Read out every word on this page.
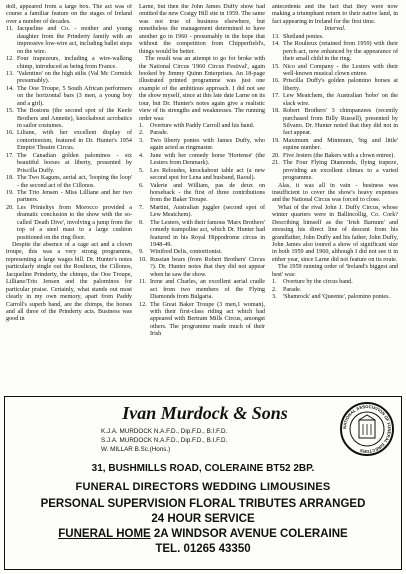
doll, appeared from a large box. The act was of course a familiar feature on the stages of Ireland over a number of decades.

11. Jacqueline and Co. - mother and young daughter from the Prinderty family with an impressive low-wire act, including ballet steps on the wire.
12. Four trapezeurs, including a wire-walking chimp, introduced as being from France.
13. 'Valentino' on the high stilts (Val Mc Cormick presumably).
14. The Ooe Troupe, 5 South African performers on the horizontal bars (3 men, a young boy and a girl).
15. The Bostons (the second spot of the Keefe Brothers and Annette), knockabout acrobatics in sailor costumes.
16. Liliane, with her excellent display of contortionism, featured in Dr. Hunter's 1954 Empire Theatre Circus.
17. The Canadian golden palominos - six beautiful horses at liberty, presented by Priscilla Duffy.
18. The Two Kaguns, aerial act, 'looping the loop' - the second act of the Cillonos.
19. The Trio Jensen - Miss Lilliane and her two partners.
20. Les Prinieltys from Morocco provided a dramatic conclusion to the show with the so-called 'Death Dive', involving a jump from the top of a steel mast to a large cushion positioned on the ring floor.

Despite the absence of a cage act and a clown troupe, this was a very strong programme, representing a large wages bill. Dr. Hunter's notes particularly single out the Roulieux, the Cillonos, Jacqueline Prinderty, the chimps, the Ooe Troupe, Lilliane/Trio Jensen and the palominos for particular praise. Certainly, what stands out most clearly in my own memory, apart from Paddy Carroll's superb band, are the chimps, the horses and all three of the Prinderty acts. Business was good in

Larne, but then the John James Duffy show had omitted the new Craigy Hill site in 1959. The same was not true of business elsewhere, but nonetheless the management determined to have another go in 1960 - presumably in the hope that without the competition from Chipperfield's, things would be better.

The result was an attempt to go for broke with the National Circus '1960 Circus Festival', again booked by Jimmy Quinn Enterprises. An 18-page illustrated printed programme was just one example of the ambitious approach. I did not see the show myself, since at this late date Larne on its tour, but Dr. Hunter's notes again give a realistic view of its strengths and weaknesses. The running order was:

1.	Overture with Paddy Carroll and his band.
2.	Parade.
3.	Two liberty ponies with James Duffy, who again acted as ringmaster.
4.	June with her comedy horse 'Hortense' (the Lesters from Denmark).
5.	Les Reloudes, knockabout table act (a new second spot for Lena and husband, Raoul).
6.	Valerie and William, pas de deux on horseback - the first of three contributions from the Baker Troupe.
7.	Martini, Australian juggler (second spot of Lew Meatchem).
8.	The Lesters, with their famous 'Marx Brothers' comedy trampoline act, which Dr. Hunter had featured in his Royal Hippodrome circus in 1948-49.
9.	Winifred Delis, contortionist.
10. Russian bears (from Robert Brothers' Circus ?). Dr. Hunter notes that they did not appear when he saw the show.
11. Irene and Charles, an excellent aerial cradle act from two members of the Flying Diamonds from Bulgaria.
12. The Great Baker Troupe (3 men,1 woman), with their first-class riding act which had appeared with Bertram Mills Circus, amongst others. The programme made much of their Irish

antecedents and the fact that they were now making a triumphant return to their native land, in fact appearing in Ireland for the first time.

Interval.

13. Shetland ponies.
14. The Roulieux (retained from 1959) with their perch act, now enhanced by the appearance of their small child in the ring.
15. Nico and Company - the Lesters with their well-known musical clown entree.
16. Priscilla Duffy's golden palomino horses at liberty.
17. Lew Meatchem, the Australian 'hobo' on the slack wire.
18. Robert Brothers' 3 chimpanzees (recently purchased from Billy Russell), presented by Silvano. Dr. Hunter noted that they did not in fact appear.
19. Maximum and Minimum, 'big and little' equine number.
20. Five Jesters (the Bakers with a clown entree).
21. The Four Flying Diamonds, flying trapeze, providing an excellent climax to a varied programme.

Alas, it was all in vain - business was insufficient to cover the show's heavy expenses and the National Circus was forced to close.

What of the rival John J. Duffy Circus, whose winter quarters were in Ballincollig, Co. Cork? Describing himself as the 'Irish Barnum' and stressing his direct line of descent from his grandfather, John Duffy and his father, John Duffy, John James also toured a show of significant size in both 1959 and 1960, although I did not see it in either year, since Larne did not feature on its route.

The 1959 running order of 'Ireland's biggest and best' was:

1.	Overture by the circus band.
2.	Parade.
3.	'Shamrock' and 'Queenie', palomino ponies.
Ivan Murdock & Sons
NATIONAL ASSOCIATION OF FUNERAL DIRECTORS
K.J.A. MURDOCK N.A.F.D., Dip.F.D., B.I.F.D.
S.J.A. MURDOCK N.A.F.D., Dip.F.D., B.I.F.D.
W. MILLAR B.Sc.(Hons.)
31, BUSHMILLS ROAD, COLERAINE BT52 2BP.
FUNERAL DIRECTORS WEDDING LIMOUSINES
PERSONAL SUPERVISION FLORAL TRIBUTES ARRANGED
24 HOUR SERVICE
FUNERAL HOME 2A WINDSOR AVENUE COLERAINE
TEL. 01265 43350
